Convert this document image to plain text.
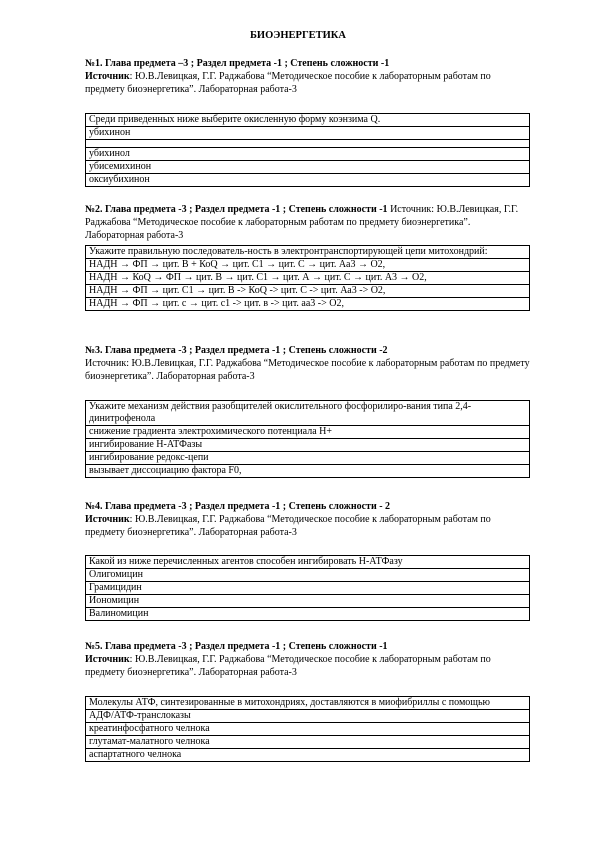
БИОЭНЕРГЕТИКА
№1. Глава предмета –3 ; Раздел предмета -1 ; Степень сложности -1
Источник: Ю.В.Левицкая, Г.Г. Раджабова “Методическое пособие к лабораторным работам по предмету биоэнергетика”. Лабораторная работа-3
Среди приведенных ниже выберите окисленную форму коэнзима Q.
убихинон

убихинол
убисемихинон
оксиубихинон
№2. Глава предмета -3 ; Раздел предмета -1 ; Степень сложности -1 Источник: Ю.В.Левицкая, Г.Г. Раджабова “Методическое пособие к лабораторным работам по предмету биоэнергетика”. Лабораторная работа-3
Укажите правильную последователь-ность в электронтранспортирующей цепи митохондрий:
НАДН → ФП → цит. В + КоQ → цит. С1 → цит. С → цит. Аа3 → О2,
НАДН → КоQ → ФП → цит. В → цит. С1 → цит. А → цит. С → цит. А3 → О2,
НАДН → ФП → цит. С1 → цит. В -> КоQ -> цит. С -> цит. Аа3 -> О2,
НАДН → ФП → цит. с → цит. с1 -> цит. в -> цит. аа3 -> О2,
№3. Глава предмета -3 ; Раздел предмета -1 ; Степень сложности -2
Источник: Ю.В.Левицкая, Г.Г. Раджабова “Методическое пособие к лабораторным работам по предмету биоэнергетика”. Лабораторная работа-3
Укажите механизм действия разобщителей окислительного фосфорилиро-вания типа 2,4-динитрофенола
снижение градиента электрохимического потенциала Н+
ингибирование Н-АТФазы
ингибирование редокс-цепи
вызывает диссоциацию фактора F0,
№4. Глава предмета -3 ; Раздел предмета -1 ; Степень сложности - 2
Источник: Ю.В.Левицкая, Г.Г. Раджабова “Методическое пособие к лабораторным работам по предмету биоэнергетика”. Лабораторная работа-3
Какой из ниже перечисленных агентов способен ингибировать Н-АТФазу
Олигомицин
Грамицидин
Иономицин
Валиномицин
№5. Глава предмета -3 ; Раздел предмета -1 ; Степень сложности -1
Источник: Ю.В.Левицкая, Г.Г. Раджабова “Методическое пособие к лабораторным работам по предмету биоэнергетика”. Лабораторная работа-3
Молекулы АТФ, синтезированные в митохондриях, доставляются в миофибриллы с помощью
АДФ/АТФ-транслоказы
креатинфосфатного челнока
глутамат-малатного челнока
аспартатного челнока
